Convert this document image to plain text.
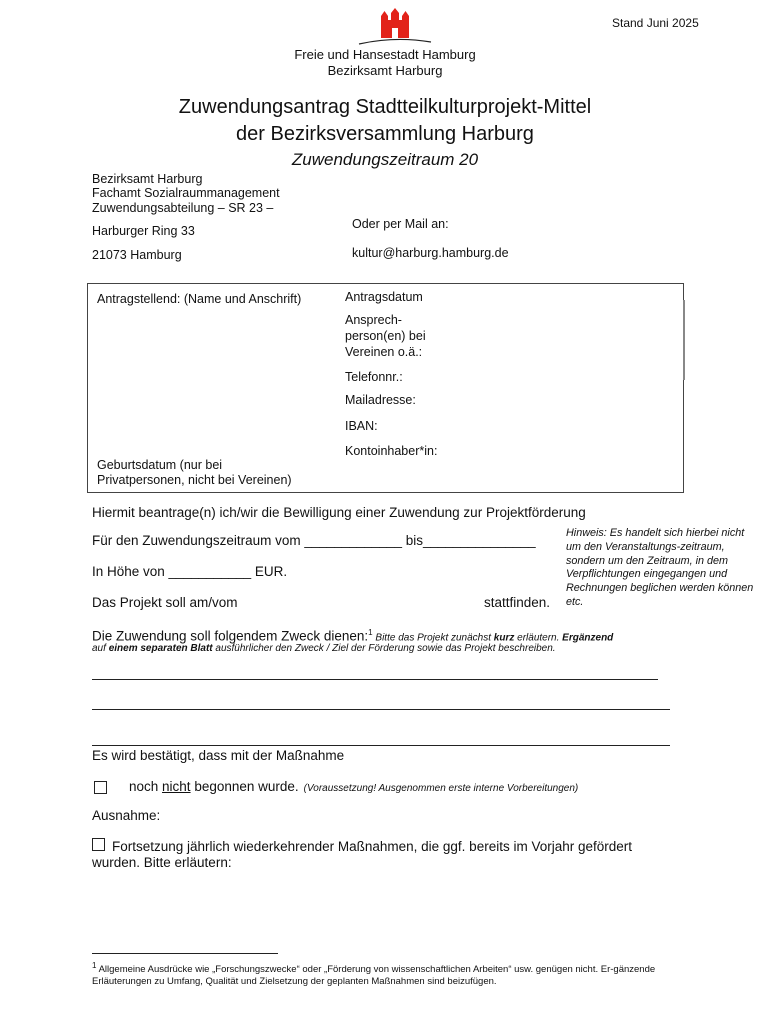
Stand Juni 2025
Freie und Hansestadt Hamburg
Bezirksamt Harburg
Zuwendungsantrag Stadtteilkulturprojekt-Mittel
der Bezirksversammlung Harburg
Zuwendungszeitraum 20
Bezirksamt Harburg
Fachamt Sozialraummanagement
Zuwendungsabteilung – SR 23 –
Harburger Ring 33
21073 Hamburg
Oder per Mail an:
kultur@harburg.hamburg.de
Antragstellend: (Name und Anschrift)
Geburtsdatum (nur bei
Privatpersonen, nicht bei Vereinen)
Antragsdatum
Ansprech-
person(en) bei
Vereinen o.ä.:
Telefonnr.:
Mailadresse:
IBAN:
Kontoinhaber*in:
Hiermit beantrage(n) ich/wir die Bewilligung einer Zuwendung zur Projektförderung
Für den Zuwendungszeitraum vom _____________ bis_______________
In Höhe von ___________ EUR.
Das Projekt soll am/vom	stattfinden.
Hinweis: Es handelt sich hierbei nicht um den Veranstaltungs-zeitraum, sondern um den Zeitraum, in dem Verpflichtungen eingegangen und Rechnungen beglichen werden können etc.
Die Zuwendung soll folgendem Zweck dienen:$^1$ Bitte das Projekt zunächst kurz erläutern. Ergänzend
auf einem separaten Blatt ausführlicher den Zweck / Ziel der Förderung sowie das Projekt beschreiben.
Es wird bestätigt, dass mit der Maßnahme
noch nicht begonnen wurde. (Voraussetzung! Ausgenommen erste interne Vorbereitungen)
Ausnahme:
Fortsetzung jährlich wiederkehrender Maßnahmen, die ggf. bereits im Vorjahr gefördert
wurden. Bitte erläutern:
$^1$ Allgemeine Ausdrücke wie „Forschungszwecke“ oder „Förderung von wissenschaftlichen Arbeiten“ usw. genügen nicht. Er-gänzende Erläuterungen zu Umfang, Qualität und Zielsetzung der geplanten Maßnahmen sind beizufügen.
